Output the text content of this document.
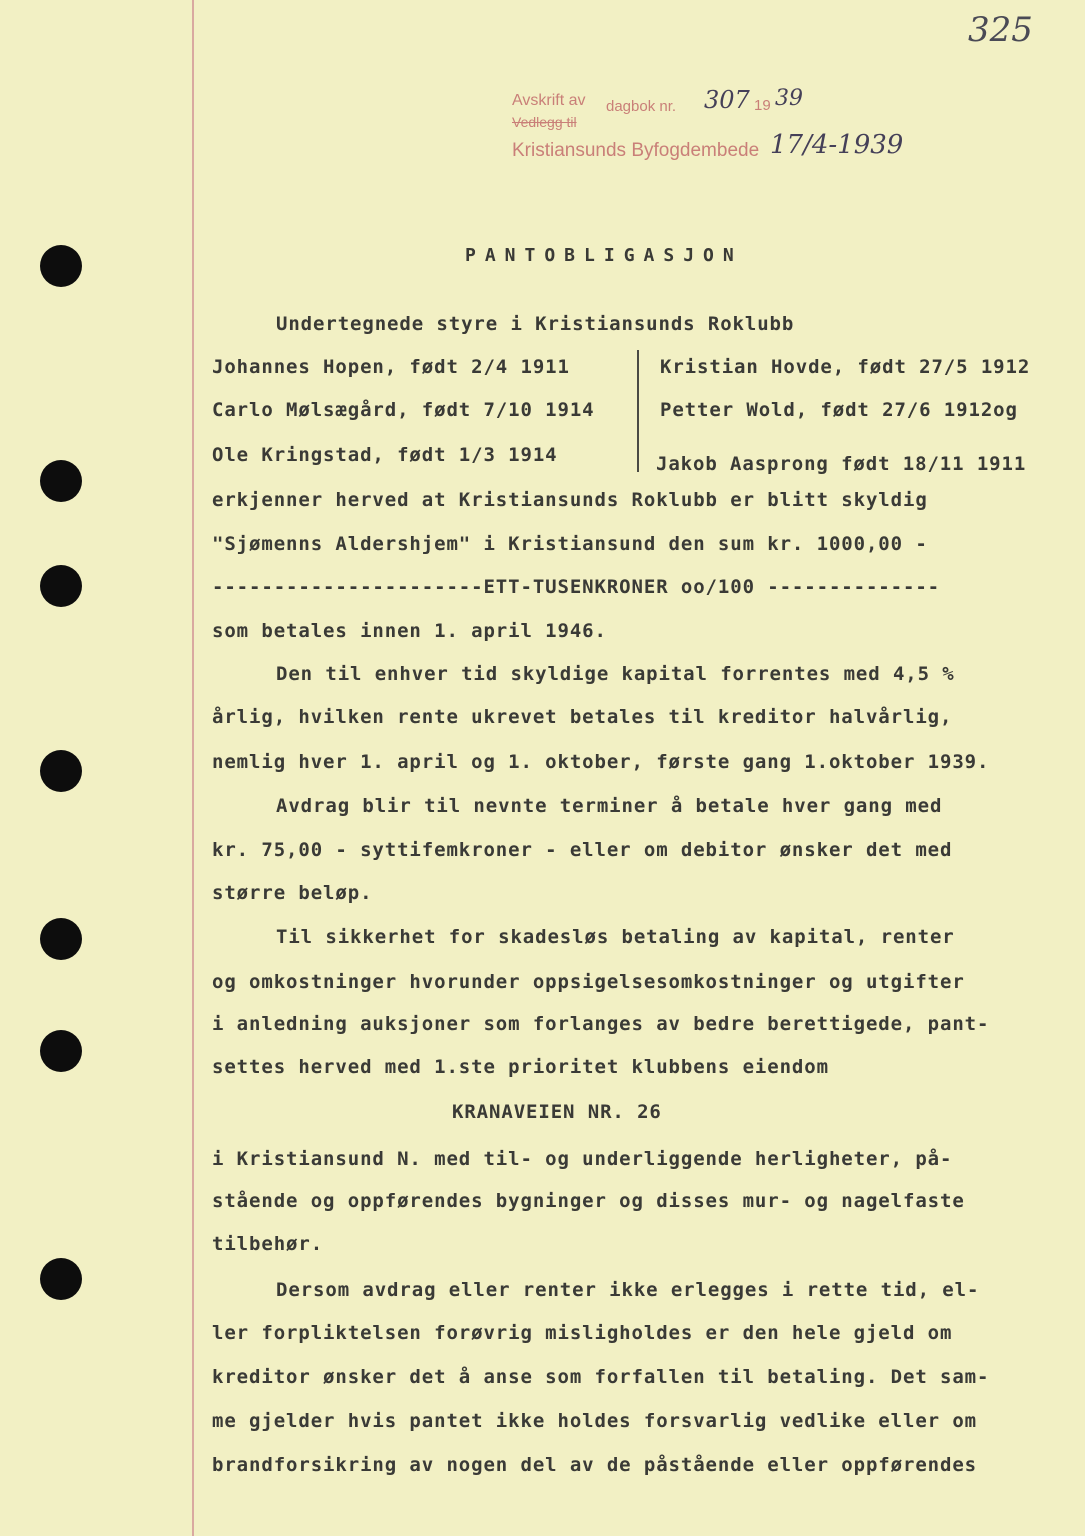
325
Avskrift av dagbok nr. 307 19 39
Vedlegg til
Kristiansunds Byfogdembede 17/4-1939
PANTOBLIGASJON
Undertegnede styre i Kristiansunds Roklubb
Johannes Hopen, født 2/4 1911
Carlo Mølsægård, født 7/10 1914
Ole Kringstad, født 1/3 1914
Kristian Hovde, født 27/5 1912
Petter Wold, født 27/6 1912og
Jakob Aasprong født 18/11 1911
erkjenner herved at Kristiansunds Roklubb er blitt skyldig
"Sjømenns Aldershjem" i Kristiansund den sum kr. 1000,00 -
----------------------ETT-TUSENKRONER oo/100 --------------
som betales innen 1. april 1946.
Den til enhver tid skyldige kapital forrentes med 4,5 %
årlig, hvilken rente ukrevet betales til kreditor halvårlig,
nemlig hver 1. april og 1. oktober, første gang 1.oktober 1939.
Avdrag blir til nevnte terminer å betale hver gang med
kr. 75,00 - syttifemkroner - eller om debitor ønsker det med
større beløp.
Til sikkerhet for skadesløs betaling av kapital, renter
og omkostninger hvorunder oppsigelsesomkostninger og utgifter
i anledning auksjoner som forlanges av bedre berettigede, pant-
settes herved med 1.ste prioritet klubbens eiendom
KRANAVEIEN NR. 26
i Kristiansund N. med til- og underliggende herligheter, på-
stående og oppførendes bygninger og disses mur- og nagelfaste
tilbehør.
Dersom avdrag eller renter ikke erlegges i rette tid, el-
ler forpliktelsen forøvrig misligholdes er den hele gjeld om
kreditor ønsker det å anse som forfallen til betaling. Det sam-
me gjelder hvis pantet ikke holdes forsvarlig vedlike eller om
brandforsikring av nogen del av de påstående eller oppførendes
